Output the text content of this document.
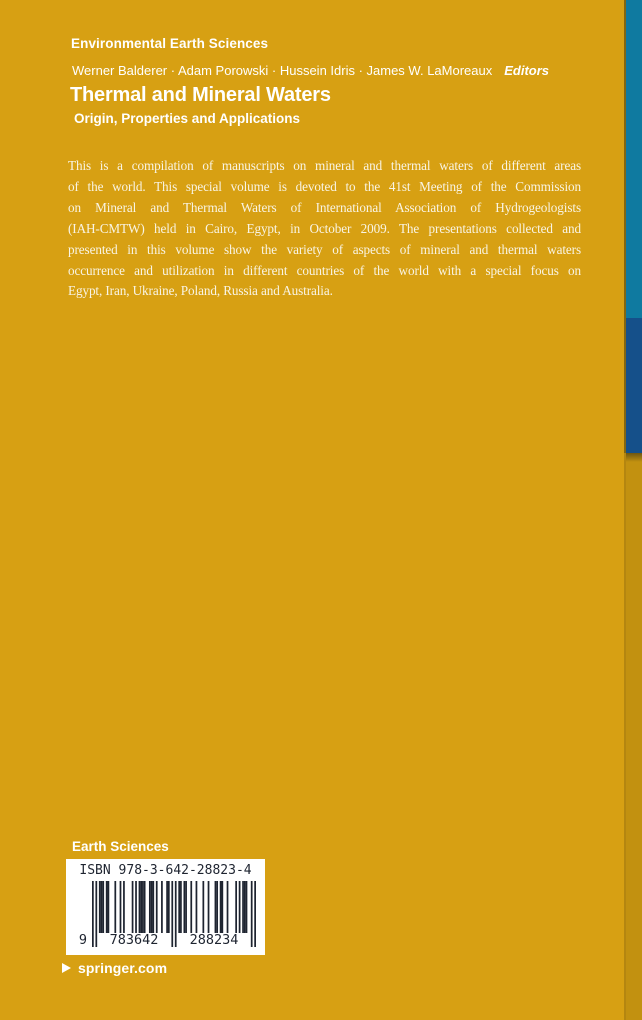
Environmental Earth Sciences
Werner Balderer · Adam Porowski · Hussein Idris · James W. LaMoreaux Editors
Thermal and Mineral Waters
Origin, Properties and Applications
This is a compilation of manuscripts on mineral and thermal waters of different areas
of the world. This special volume is devoted to the 41st Meeting of the Commission
on Mineral and Thermal Waters of International Association of Hydrogeologists
(IAH-CMTW) held in Cairo, Egypt, in October 2009. The presentations collected and
presented in this volume show the variety of aspects of mineral and thermal waters
occurrence and utilization in different countries of the world with a special focus on
Egypt, Iran, Ukraine, Poland, Russia and Australia.
Earth Sciences
ISBN 978-3-642-28823-4
9	783642	288234
springer.com
